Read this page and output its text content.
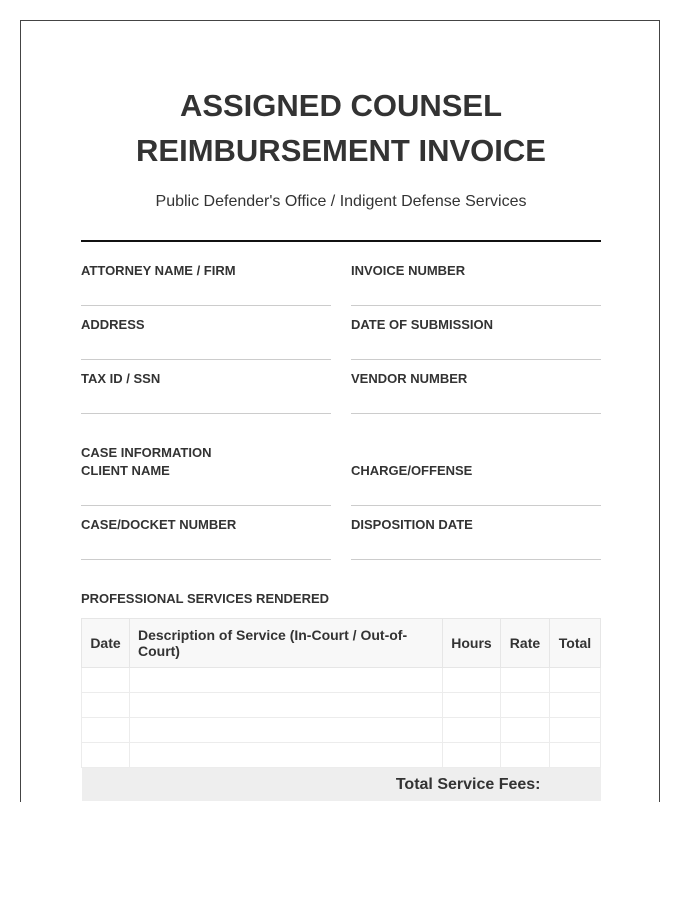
ASSIGNED COUNSEL
REIMBURSEMENT INVOICE
Public Defender's Office / Indigent Defense Services
ATTORNEY NAME / FIRM	INVOICE NUMBER
ADDRESS	DATE OF SUBMISSION
TAX ID / SSN	VENDOR NUMBER
CASE INFORMATION
CLIENT NAME	CHARGE/OFFENSE
CASE/DOCKET NUMBER	DISPOSITION DATE
PROFESSIONAL SERVICES RENDERED
Date	Description of Service (In-Court / Out-of-Court)	Hours	Rate	Total

Total Service Fees:				
